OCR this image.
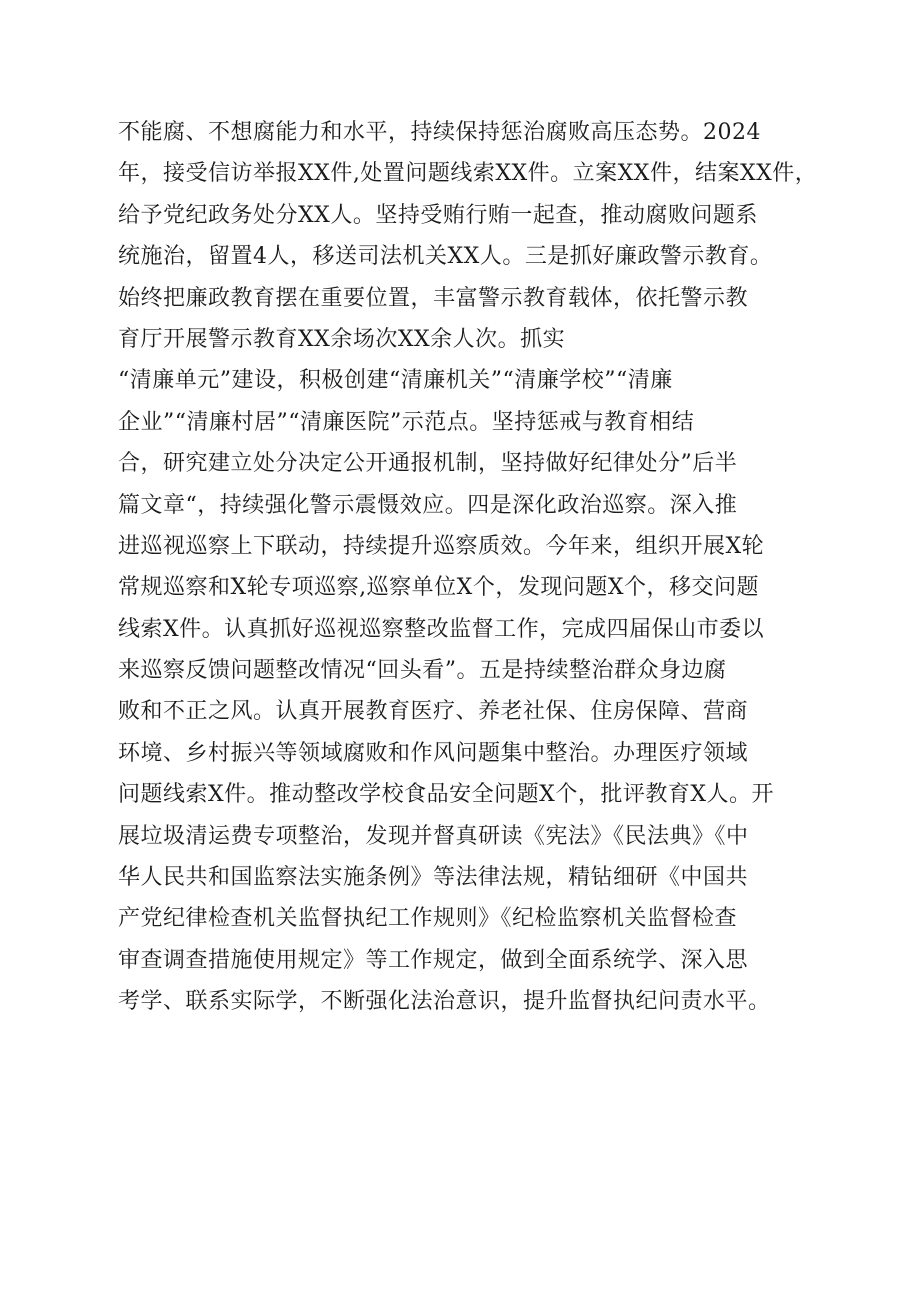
不能腐、不想腐能力和水平，持续保持惩治腐败高压态势。2024
年，接受信访举报XX件,处置问题线索XX件。立案XX件，结案XX件，
给予党纪政务处分XX人。坚持受贿行贿一起查，推动腐败问题系
统施治，留置4人，移送司法机关XX人。三是抓好廉政警示教育。
始终把廉政教育摆在重要位置，丰富警示教育载体，依托警示教
育厅开展警示教育XX余场次XX余人次。抓实
“清廉单元”建设，积极创建“清廉机关”“清廉学校”“清廉
企业”“清廉村居”“清廉医院”示范点。坚持惩戒与教育相结
合，研究建立处分决定公开通报机制，坚持做好纪律处分”后半
篇文章“，持续强化警示震慑效应。四是深化政治巡察。深入推
进巡视巡察上下联动，持续提升巡察质效。今年来，组织开展X轮
常规巡察和X轮专项巡察,巡察单位X个，发现问题X个，移交问题
线索X件。认真抓好巡视巡察整改监督工作，完成四届保山市委以
来巡察反馈问题整改情况“回头看”。五是持续整治群众身边腐
败和不正之风。认真开展教育医疗、养老社保、住房保障、营商
环境、乡村振兴等领域腐败和作风问题集中整治。办理医疗领域
问题线索X件。推动整改学校食品安全问题X个，批评教育X人。开
展垃圾清运费专项整治，发现并督真研读《宪法》《民法典》《中
华人民共和国监察法实施条例》等法律法规，精钻细研《中国共
产党纪律检查机关监督执纪工作规则》《纪检监察机关监督检查
审查调查措施使用规定》等工作规定，做到全面系统学、深入思
考学、联系实际学，不断强化法治意识，提升监督执纪问责水平。
